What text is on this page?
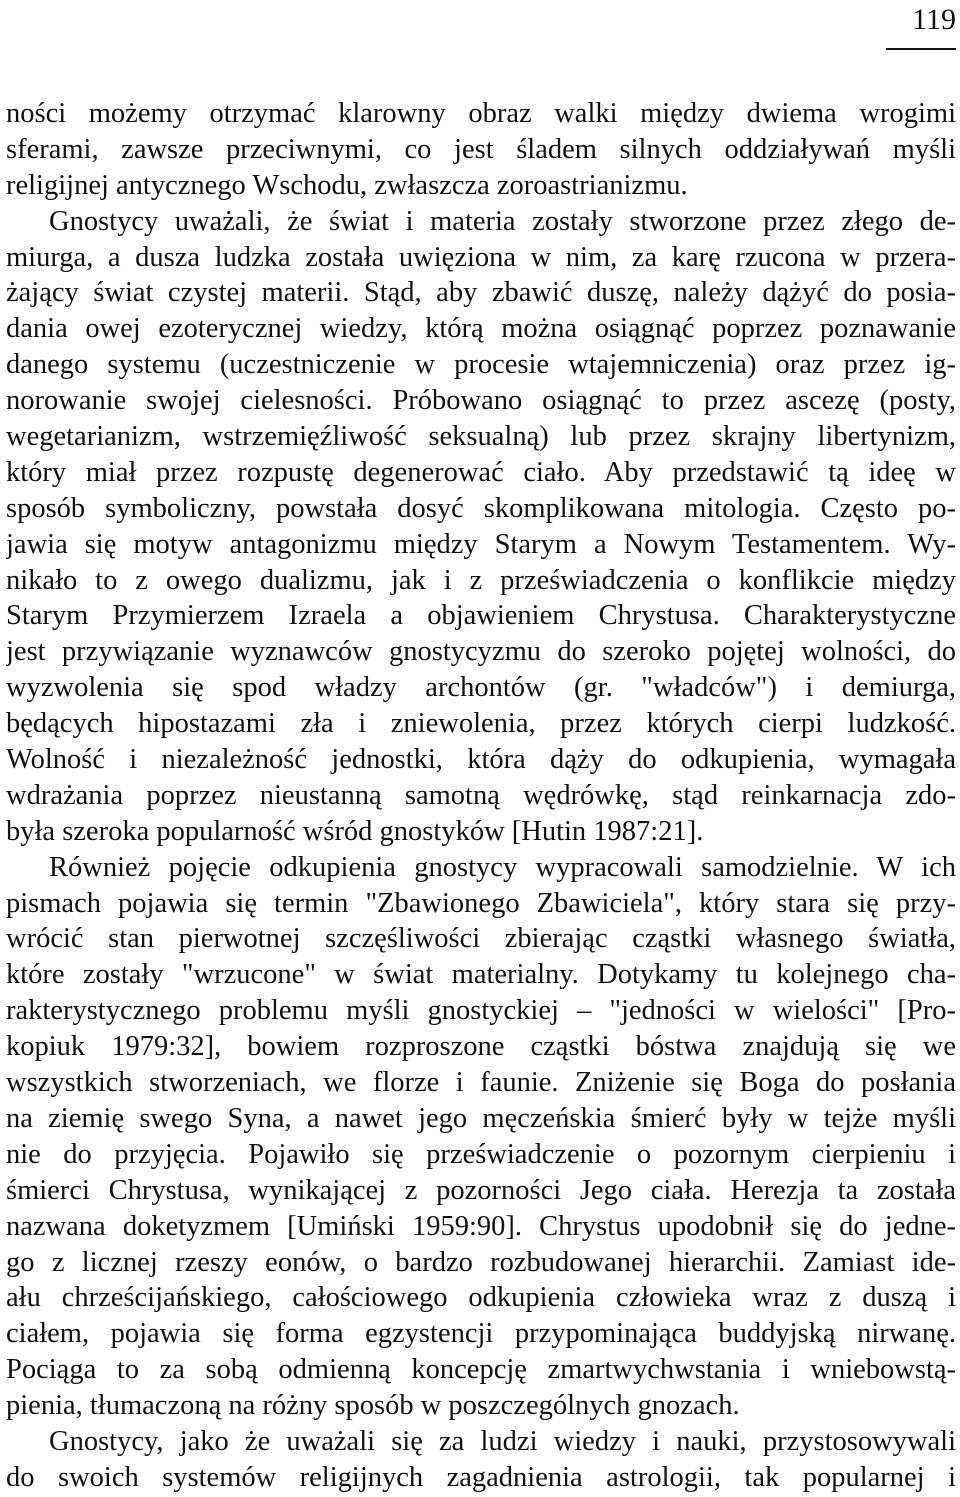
119
ności możemy otrzymać klarowny obraz walki między dwiema wrogimi
sferami, zawsze przeciwnymi, co jest śladem silnych oddziaływań myśli
religijnej antycznego Wschodu, zwłaszcza zoroastrianizmu.
Gnostycy uważali, że świat i materia zostały stworzone przez złego de-
miurga, a dusza ludzka została uwięziona w nim, za karę rzucona w przera-
żający świat czystej materii. Stąd, aby zbawić duszę, należy dążyć do posia-
dania owej ezoterycznej wiedzy, którą można osiągnąć poprzez poznawanie
danego systemu (uczestniczenie w procesie wtajemniczenia) oraz przez ig-
norowanie swojej cielesności. Próbowano osiągnąć to przez ascezę (posty,
wegetarianizm, wstrzemięźliwość seksualną) lub przez skrajny libertynizm,
który miał przez rozpustę degenerować ciało. Aby przedstawić tą ideę w
sposób symboliczny, powstała dosyć skomplikowana mitologia. Często po-
jawia się motyw antagonizmu między Starym a Nowym Testamentem. Wy-
nikało to z owego dualizmu, jak i z przeświadczenia o konflikcie między
Starym Przymierzem Izraela a objawieniem Chrystusa. Charakterystyczne
jest przywiązanie wyznawców gnostycyzmu do szeroko pojętej wolności, do
wyzwolenia się spod władzy archontów (gr. "władców") i demiurga,
będących hipostazami zła i zniewolenia, przez których cierpi ludzkość.
Wolność i niezależność jednostki, która dąży do odkupienia, wymagała
wdrażania poprzez nieustanną samotną wędrówkę, stąd reinkarnacja zdo-
była szeroka popularność wśród gnostyków [Hutin 1987:21].
Również pojęcie odkupienia gnostycy wypracowali samodzielnie. W ich
pismach pojawia się termin "Zbawionego Zbawiciela", który stara się przy-
wrócić stan pierwotnej szczęśliwości zbierając cząstki własnego światła,
które zostały "wrzucone" w świat materialny. Dotykamy tu kolejnego cha-
rakterystycznego problemu myśli gnostyckiej – "jedności w wielości" [Pro-
kopiuk 1979:32], bowiem rozproszone cząstki bóstwa znajdują się we
wszystkich stworzeniach, we florze i faunie. Zniżenie się Boga do posłania
na ziemię swego Syna, a nawet jego męczeńskia śmierć były w tejże myśli
nie do przyjęcia. Pojawiło się przeświadczenie o pozornym cierpieniu i
śmierci Chrystusa, wynikającej z pozorności Jego ciała. Herezja ta została
nazwana doketyzmem [Umiński 1959:90]. Chrystus upodobnił się do jedne-
go z licznej rzeszy eonów, o bardzo rozbudowanej hierarchii. Zamiast ide-
ału chrześcijańskiego, całościowego odkupienia człowieka wraz z duszą i
ciałem, pojawia się forma egzystencji przypominająca buddyjską nirwanę.
Pociąga to za sobą odmienną koncepcję zmartwychwstania i wniebowstą-
pienia, tłumaczoną na różny sposób w poszczególnych gnozach.
Gnostycy, jako że uważali się za ludzi wiedzy i nauki, przystosowywali
do swoich systemów religijnych zagadnienia astrologii, tak popularnej i
